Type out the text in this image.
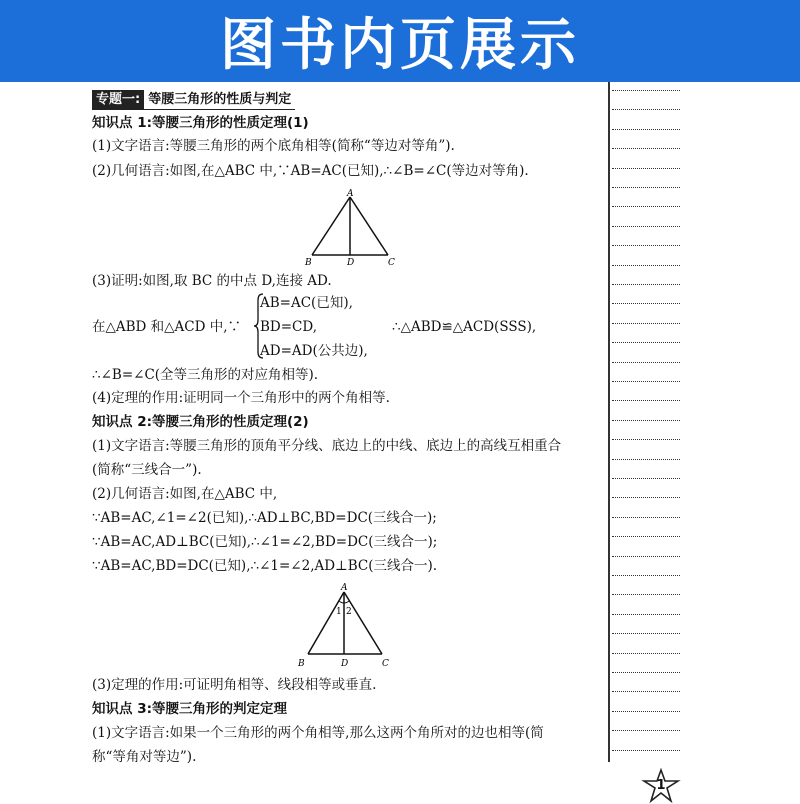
图书内页展示
专题一: 等腰三角形的性质与判定
知识点 1:等腰三角形的性质定理(1)
(1)文字语言:等腰三角形的两个底角相等(简称“等边对等角”).
(2)几何语言:如图,在△ABC 中,∵AB=AC(已知),∴∠B=∠C(等边对等角).
A
B	D	C
(3)证明:如图,取 BC 的中点 D,连接 AD.
在△ABD 和△ACD 中,∵
AB=AC(已知),
BD=CD,
AD=AD(公共边),
∴△ABD≌△ACD(SSS),
∴∠B=∠C(全等三角形的对应角相等).
(4)定理的作用:证明同一个三角形中的两个角相等.
知识点 2:等腰三角形的性质定理(2)
(1)文字语言:等腰三角形的顶角平分线、底边上的中线、底边上的高线互相重合
(简称“三线合一”).
(2)几何语言:如图,在△ABC 中,
∵AB=AC,∠1=∠2(已知),∴AD⊥BC,BD=DC(三线合一);
∵AB=AC,AD⊥BC(已知),∴∠1=∠2,BD=DC(三线合一);
∵AB=AC,BD=DC(已知),∴∠1=∠2,AD⊥BC(三线合一).
A
1 2
B	D	C
(3)定理的作用:可证明角相等、线段相等或垂直.
知识点 3:等腰三角形的判定定理
(1)文字语言:如果一个三角形的两个角相等,那么这两个角所对的边也相等(简
称“等角对等边”).
1
